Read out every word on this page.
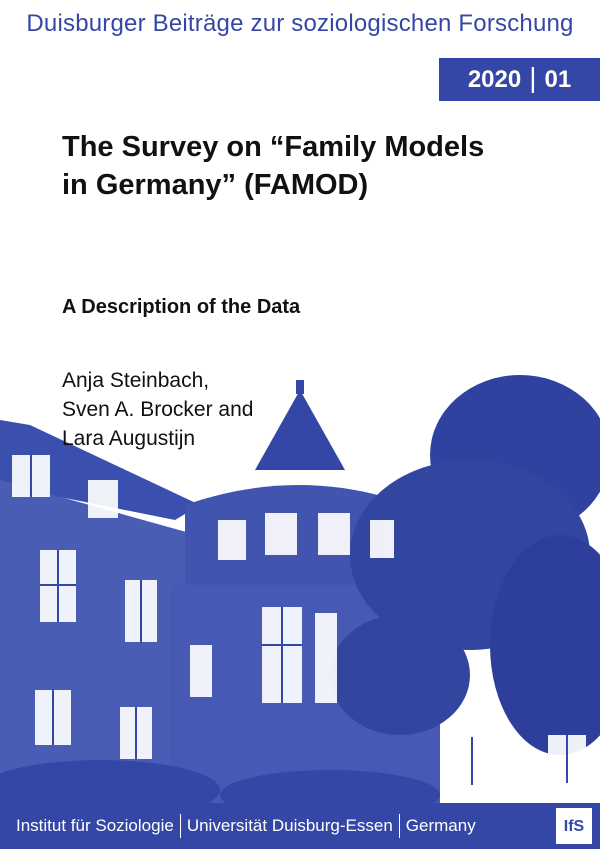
Duisburger Beiträge zur soziologischen Forschung
2020 | 01
The Survey on “Family Models
in Germany” (FAMOD)
A Description of the Data
Anja Steinbach,
Sven A. Brocker and
Lara Augustijn
Institut für Soziologie Universität Duisburg-Essen Germany	IfS
